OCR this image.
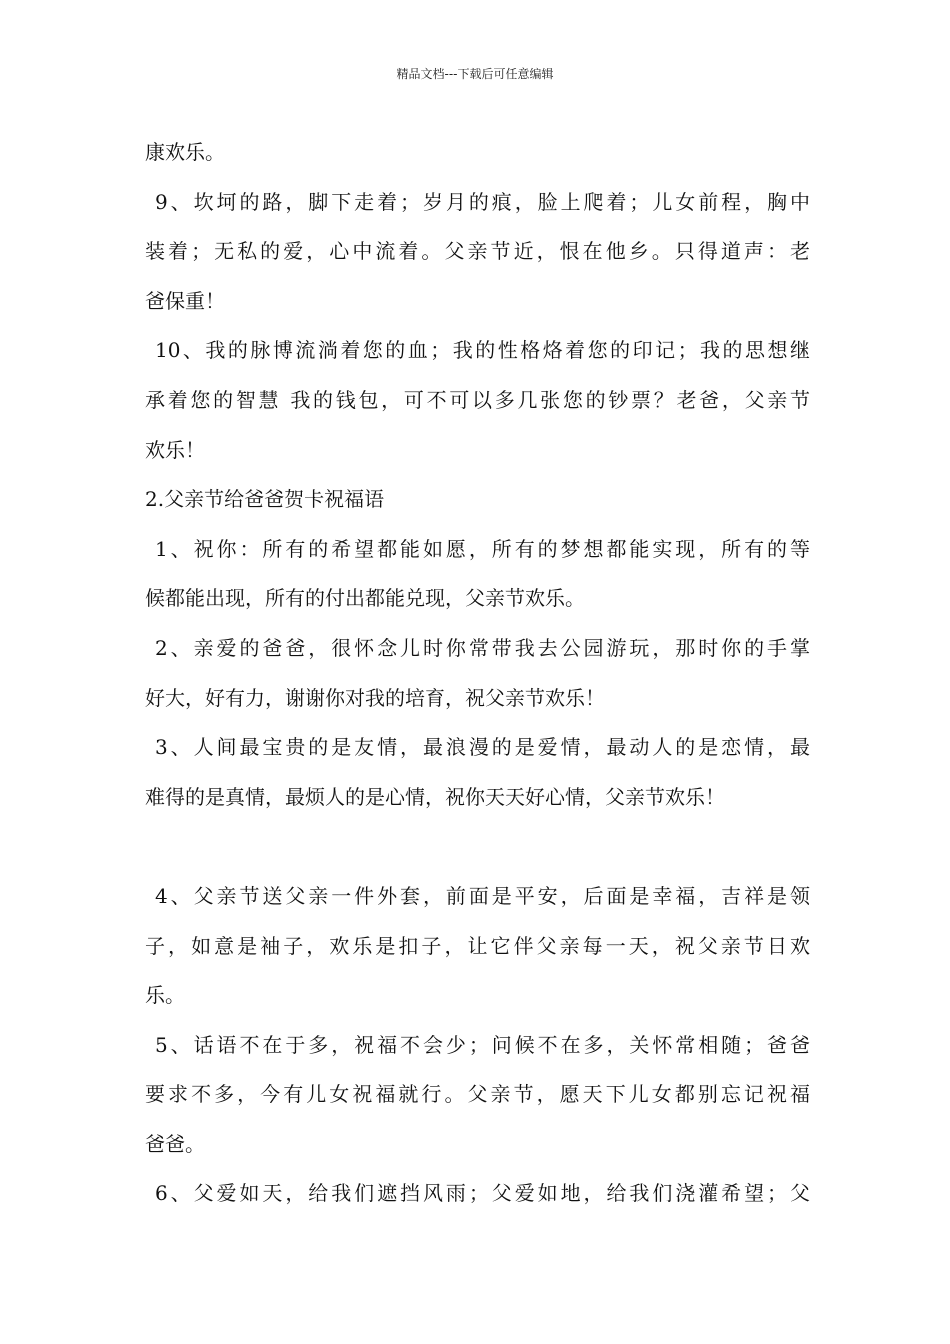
精品文档---下载后可任意编辑
康欢乐。
9、坎坷的路，脚下走着；岁月的痕，脸上爬着；儿女前程，胸中
装着；无私的爱，心中流着。父亲节近，恨在他乡。只得道声：老
爸保重！
10、我的脉博流淌着您的血；我的性格烙着您的印记；我的思想继
承着您的智慧 我的钱包，可不可以多几张您的钞票？老爸，父亲节
欢乐！
2.父亲节给爸爸贺卡祝福语
1、祝你：所有的希望都能如愿，所有的梦想都能实现，所有的等
候都能出现，所有的付出都能兑现，父亲节欢乐。
2、亲爱的爸爸，很怀念儿时你常带我去公园游玩，那时你的手掌
好大，好有力，谢谢你对我的培育，祝父亲节欢乐！
3、人间最宝贵的是友情，最浪漫的是爱情，最动人的是恋情，最
难得的是真情，最烦人的是心情，祝你天天好心情，父亲节欢乐！
4、父亲节送父亲一件外套，前面是平安，后面是幸福，吉祥是领
子，如意是袖子，欢乐是扣子，让它伴父亲每一天，祝父亲节日欢
乐。
5、话语不在于多，祝福不会少；问候不在多，关怀常相随；爸爸
要求不多，今有儿女祝福就行。父亲节，愿天下儿女都别忘记祝福
爸爸。
6、父爱如天，给我们遮挡风雨；父爱如地，给我们浇灌希望；父
